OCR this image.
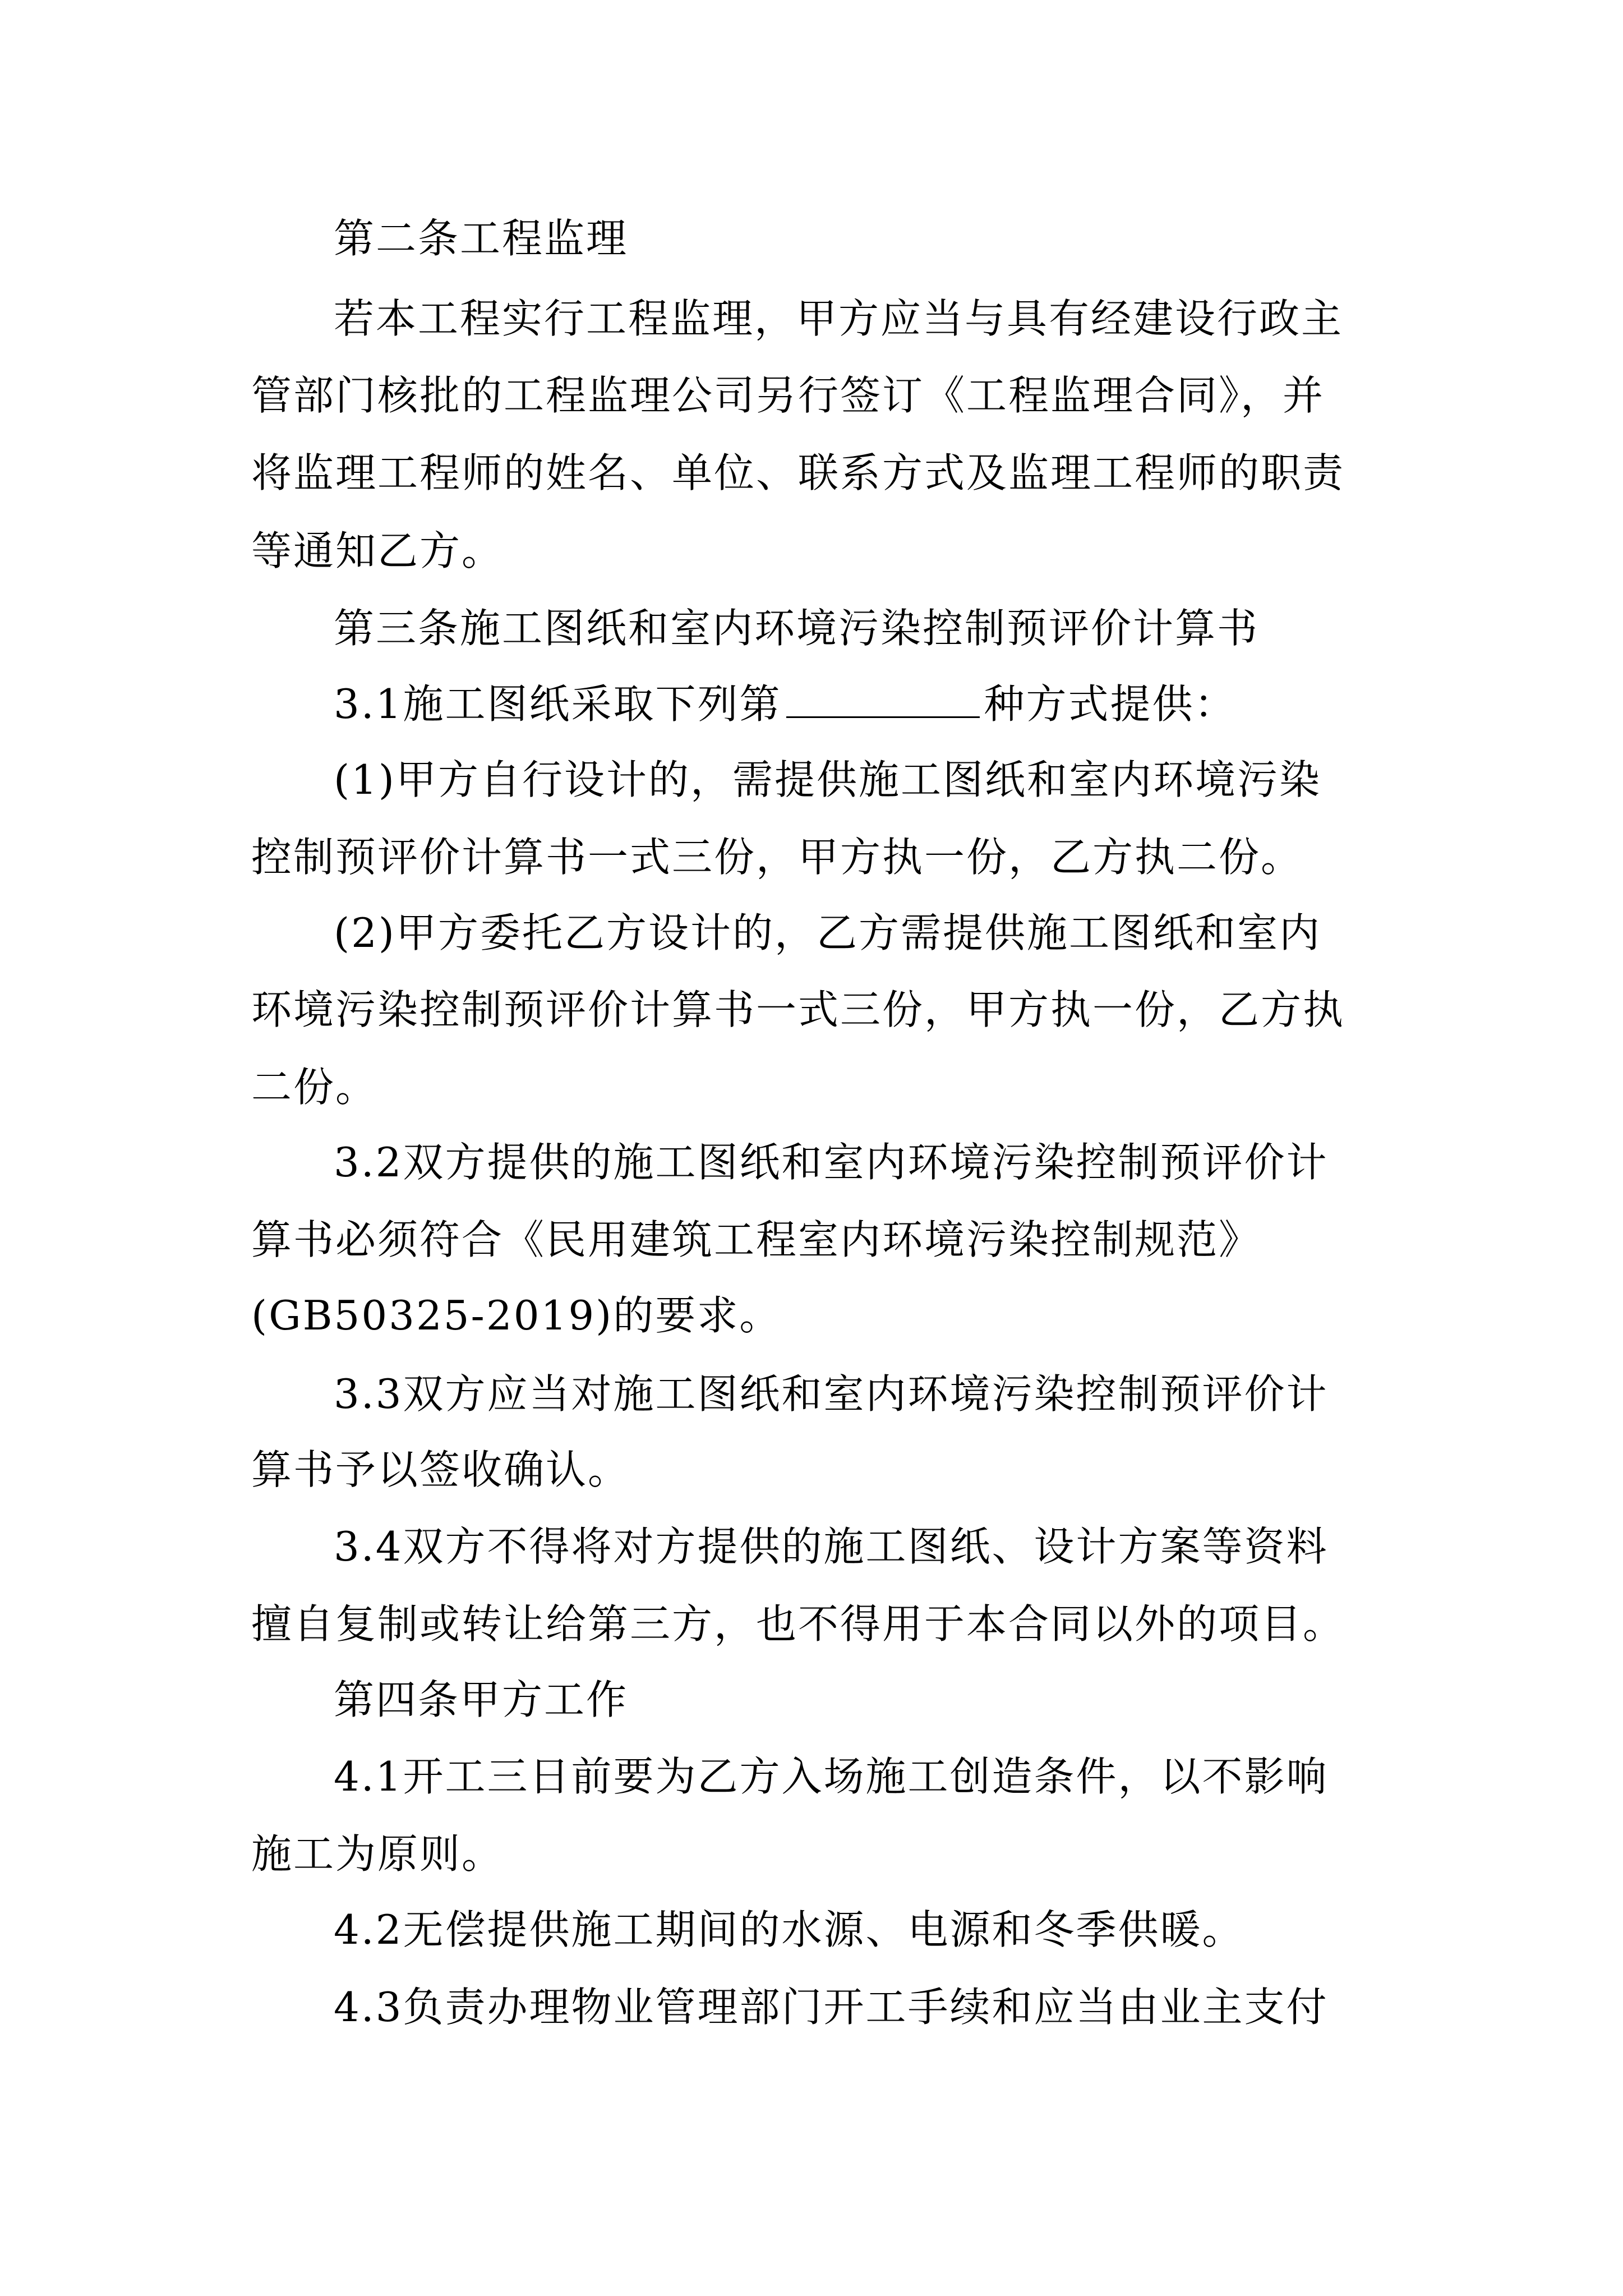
第二条工程监理
若本工程实行工程监理，甲方应当与具有经建设行政主
管部门核批的工程监理公司另行签订《工程监理合同》，并
将监理工程师的姓名、单位、联系方式及监理工程师的职责
等通知乙方。
第三条施工图纸和室内环境污染控制预评价计算书
3.1施工图纸采取下列第	种方式提供：
(1)甲方自行设计的，需提供施工图纸和室内环境污染
控制预评价计算书一式三份，甲方执一份，乙方执二份。
(2)甲方委托乙方设计的，乙方需提供施工图纸和室内
环境污染控制预评价计算书一式三份，甲方执一份，乙方执
二份。
3.2双方提供的施工图纸和室内环境污染控制预评价计
算书必须符合《民用建筑工程室内环境污染控制规范》
(GB50325-2019)的要求。
3.3双方应当对施工图纸和室内环境污染控制预评价计
算书予以签收确认。
3.4双方不得将对方提供的施工图纸、设计方案等资料
擅自复制或转让给第三方，也不得用于本合同以外的项目。
第四条甲方工作
4.1开工三日前要为乙方入场施工创造条件，以不影响
施工为原则。
4.2无偿提供施工期间的水源、电源和冬季供暖。
4.3负责办理物业管理部门开工手续和应当由业主支付
